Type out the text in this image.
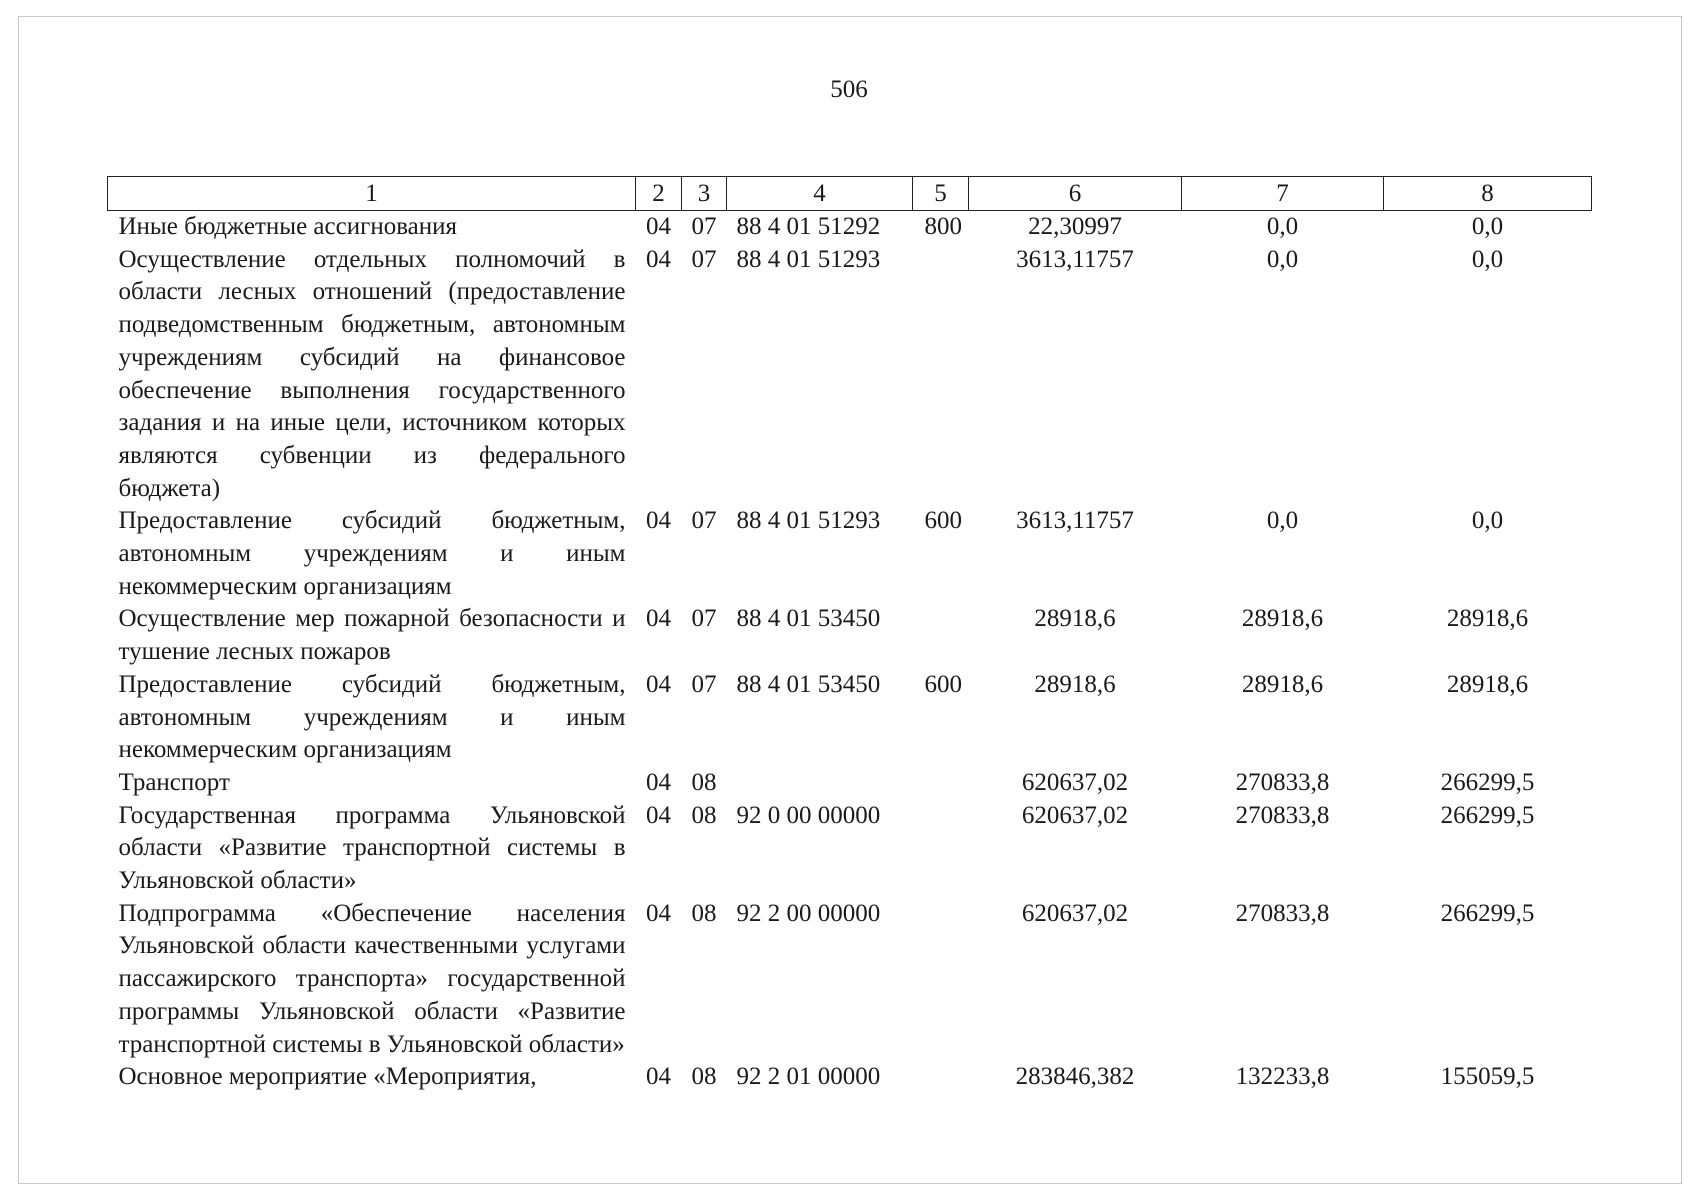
506
1	2	3	4	5	6	7	8
Иные бюджетные ассигнования	04	07	88 4 01 51292	800	22,30997	0,0	0,0
Осуществление отдельных полномочий в области лесных отношений (предоставление подведомственным бюджетным, автономным учреждениям субсидий на финансовое обеспечение выполнения государственного задания и на иные цели, источником которых являются субвенции из федерального бюджета)	04	07	88 4 01 51293		3613,11757	0,0	0,0
Предоставление субсидий бюджетным, автономным учреждениям и иным некоммерческим организациям	04	07	88 4 01 51293	600	3613,11757	0,0	0,0
Осуществление мер пожарной безопасности и тушение лесных пожаров	04	07	88 4 01 53450		28918,6	28918,6	28918,6
Предоставление субсидий бюджетным, автономным учреждениям и иным некоммерческим организациям	04	07	88 4 01 53450	600	28918,6	28918,6	28918,6
Транспорт	04	08			620637,02	270833,8	266299,5
Государственная программа Ульяновской области «Развитие транспортной системы в Ульяновской области»	04	08	92 0 00 00000		620637,02	270833,8	266299,5
Подпрограмма «Обеспечение населения Ульяновской области качественными услугами пассажирского транспорта» государственной программы Ульяновской области «Развитие транспортной системы в Ульяновской области»	04	08	92 2 00 00000		620637,02	270833,8	266299,5
Основное мероприятие «Мероприятия,	04	08	92 2 01 00000		283846,382	132233,8	155059,5
